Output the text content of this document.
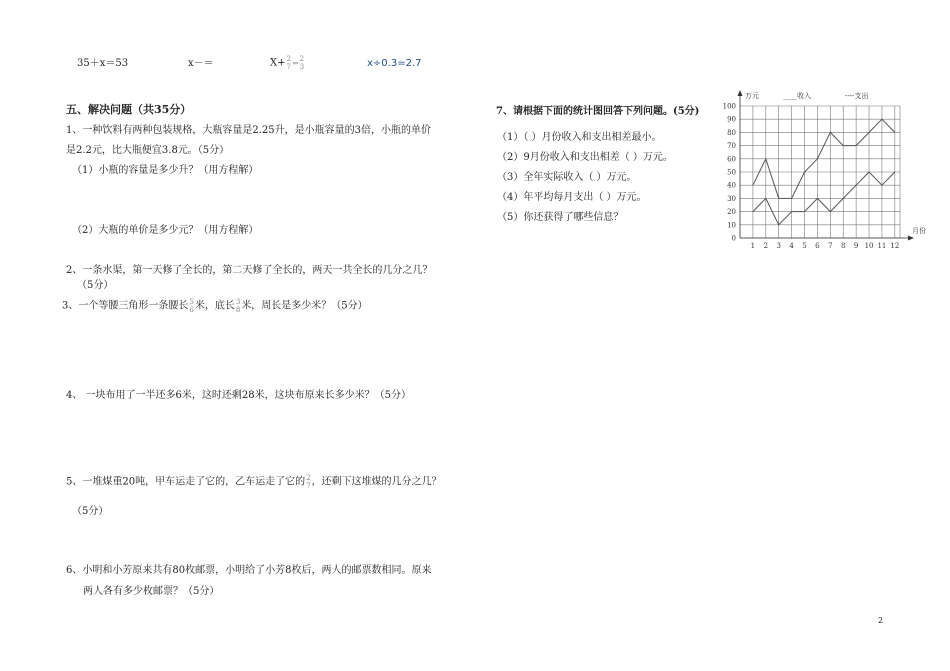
35＋x＝53	x－＝	X+ 2
7 = 2
3	x÷0.3=2.7
五、解决问题（共35分）
1、一种饮料有两种包装规格，大瓶容量是2.25升，是小瓶容量的3倍，小瓶的单价
是2.2元，比大瓶便宜3.8元。（5分）
（1）小瓶的容量是多少升？（用方程解）
（2）大瓶的单价是多少元？（用方程解）
2、一条水渠，第一天修了全长的，第二天修了全长的，两天一共全长的几分之几？
（5分）
3、一个等腰三角形一条腰长 5
6 米，底长 3
8 米，周长是多少米？（5分）
4、 一块布用了一半还多6米，这时还剩28米，这块布原来长多少米？（5分）
5、一堆煤重20吨，甲车运走了它的，乙车运走了它的 2
7 ，还剩下这堆煤的几分之几？
（5分）
6、小明和小芳原来共有80枚邮票，小明给了小芳8枚后，两人的邮票数相同。原来
两人各有多少枚邮票？（5分）
7、请根据下面的统计图回答下列问题。(5分)
（1）（ ）月份收入和支出相差最小。
（2）9月份收入和支出相差（ ）万元。
（3）全年实际收入（ ）万元。
（4）年平均每月支出（ ）万元。
（5）你还获得了哪些信息？
万元	____收入	----支出
月份
0
10
20
30
40
50
60
70
80
90
100
1 2 3 4 5 6 7 8 9 10 11 12
2
